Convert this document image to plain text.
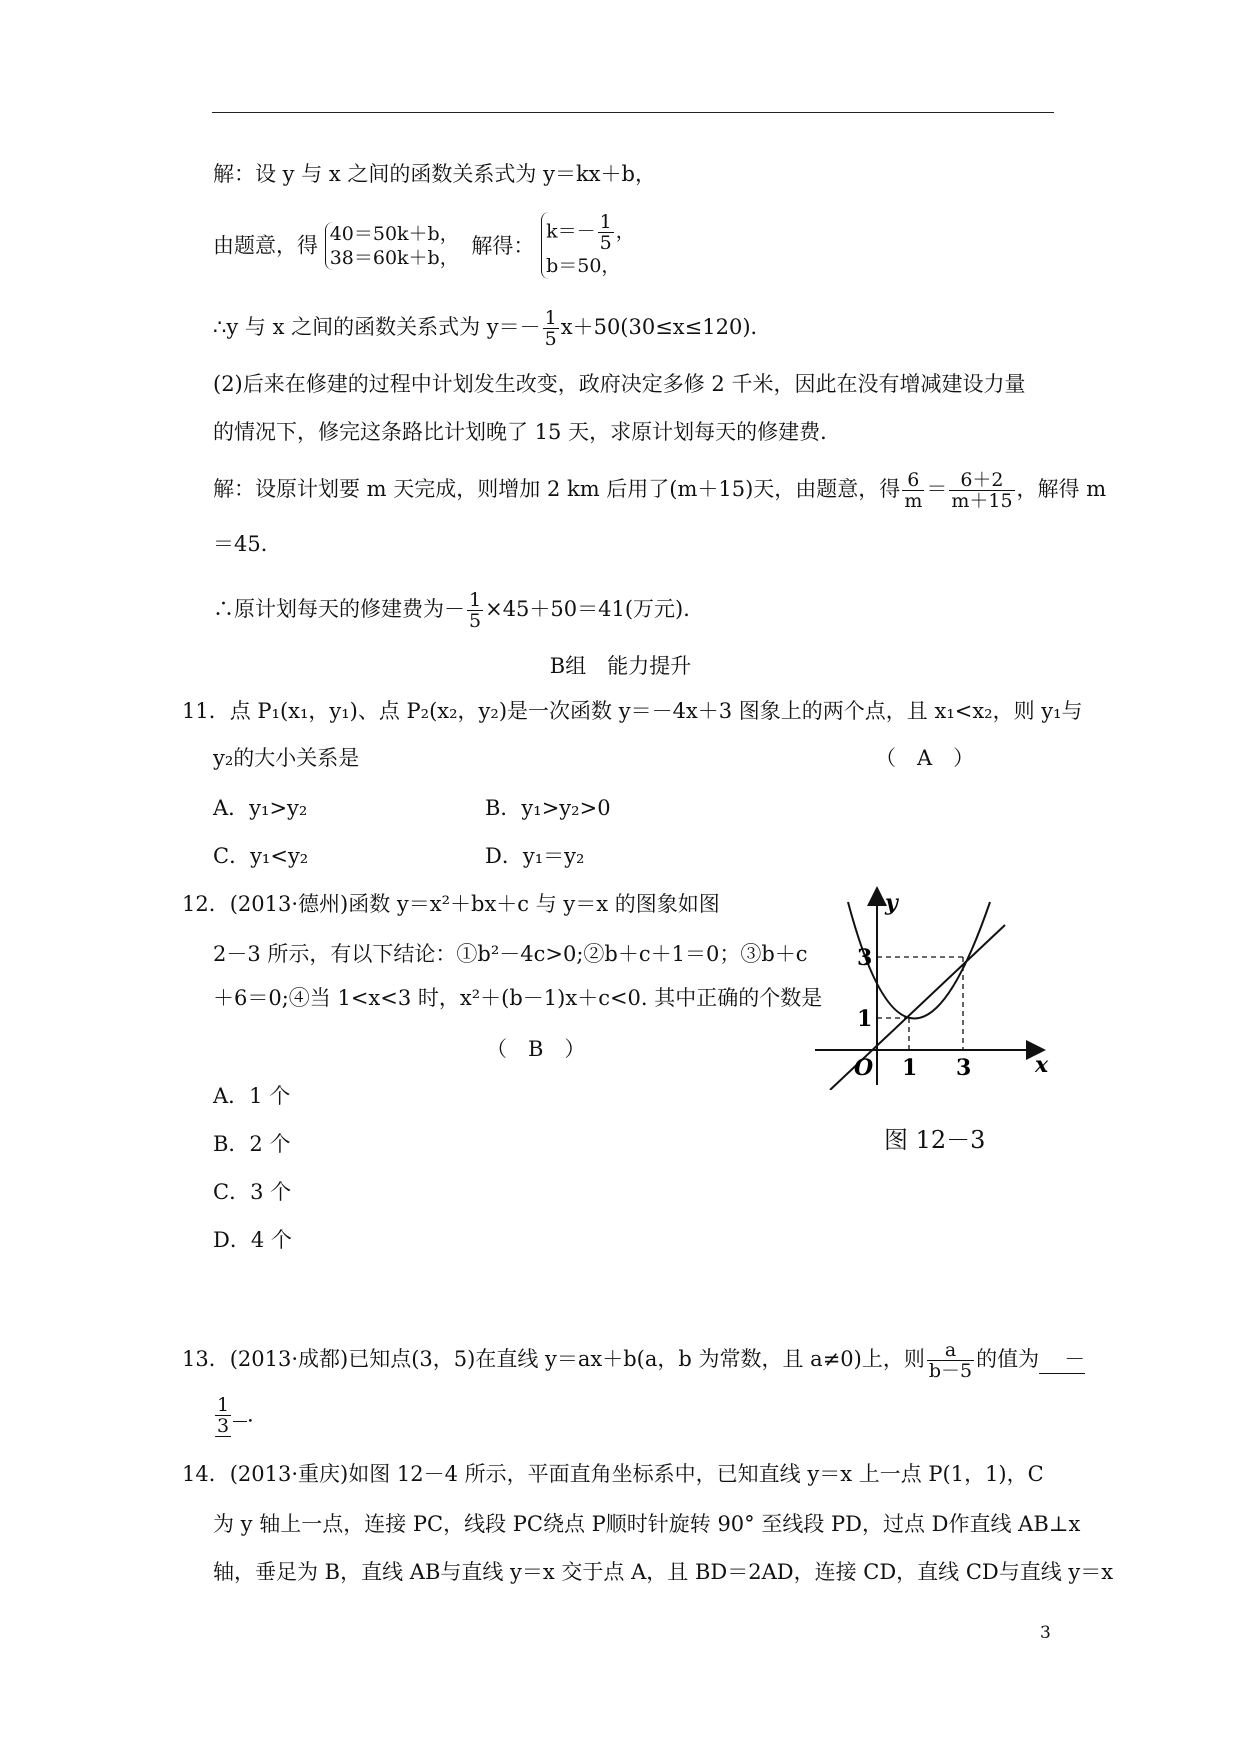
解：设 y 与 x 之间的函数关系式为 y＝kx＋b，
由题意，得 40＝50k＋b，
38＝60k＋b， 解得：
$k=- \frac{1}{5}$ ，
b＝50，
∴y 与 x 之间的函数关系式为 $y=- \frac{1}{5} x+50(30\le x\le 120)$．
(2)后来在修建的过程中计划发生改变，政府决定多修 2 千米，因此在没有增减建设力量
的情况下，修完这条路比计划晚了 15 天，求原计划每天的修建费．
解：设原计划要 m 天完成，则增加 2 km 后用了(m＋15)天，由题意，得 $\frac{6}{m} = \frac{6+2}{m+15}$ ，解得 m
＝45．
∴原计划每天的修建费为－ $\frac{1}{5} \times 45+50=41$(万元)．
B组　能力提升
11．点 P₁(x₁，y₁)、点 P₂(x₂，y₂)是一次函数 y＝－4x＋3 图象上的两个点，且 x₁<x₂，则 y₁与
y₂的大小关系是	（　A　）
A．y₁>y₂	B．y₁>y₂>0
C．y₁<y₂	D．y₁＝y₂
12．(2013·德州)函数 y＝x²＋bx＋c 与 y＝x 的图象如图
2－3 所示，有以下结论：①b²－4c>0;②b＋c＋1＝0；③b＋c
＋6＝0;④当 1<x<3 时，x²＋(b－1)x＋c<0. 其中正确的个数是
（　B　）
A．1 个
B．2 个
C．3 个
D．4 个
y
x
O 1 3
1
3
图 12－3
13．(2013·成都)已知点(3，5)在直线 y＝ax＋b(a，b 为常数，且 a≠0)上，则 $\frac{a}{b-5}$ 的值为 －
$\frac{1}{3}$ ．
14．(2013·重庆)如图 12－4 所示，平面直角坐标系中，已知直线 y＝x 上一点 P(1，1)，C
为 y 轴上一点，连接 PC，线段 PC绕点 P顺时针旋转 90° 至线段 PD，过点 D作直线 AB⊥x
轴，垂足为 B，直线 AB与直线 y＝x 交于点 A，且 BD＝2AD，连接 CD，直线 CD与直线 y＝x
3
